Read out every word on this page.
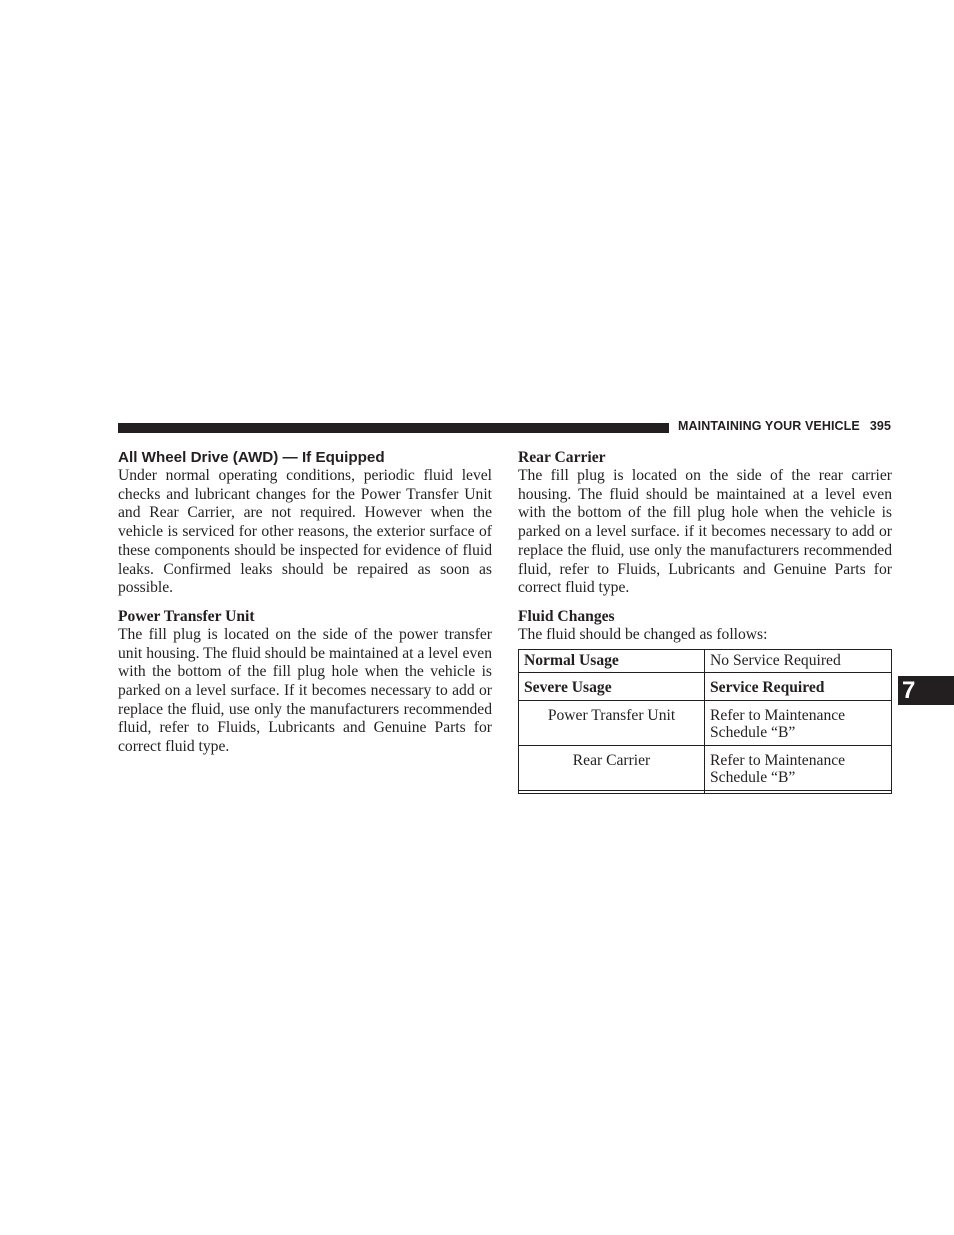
MAINTAINING YOUR VEHICLE 395
All Wheel Drive (AWD) — If Equipped

Under normal operating conditions, periodic fluid level checks and lubricant changes for the Power Transfer Unit and Rear Carrier, are not required. However when the vehicle is serviced for other reasons, the exterior surface of these components should be inspected for evidence of fluid leaks. Confirmed leaks should be repaired as soon as possible.

Power Transfer Unit

The fill plug is located on the side of the power transfer unit housing. The fluid should be maintained at a level even with the bottom of the fill plug hole when the vehicle is parked on a level surface. If it becomes necessary to add or replace the fluid, use only the manufacturers recommended fluid, refer to Fluids, Lubricants and Genuine Parts for correct fluid type.

Rear Carrier

The fill plug is located on the side of the rear carrier housing. The fluid should be maintained at a level even with the bottom of the fill plug hole when the vehicle is parked on a level surface. if it becomes necessary to add or replace the fluid, use only the manufacturers recommended fluid, refer to Fluids, Lubricants and Genuine Parts for correct fluid type.

Fluid Changes

The fluid should be changed as follows:

Normal Usage	No Service Required
Severe Usage	Service Required
Power Transfer Unit	Refer to Maintenance
Schedule “B”
Rear Carrier	Refer to Maintenance
Schedule “B”

7
